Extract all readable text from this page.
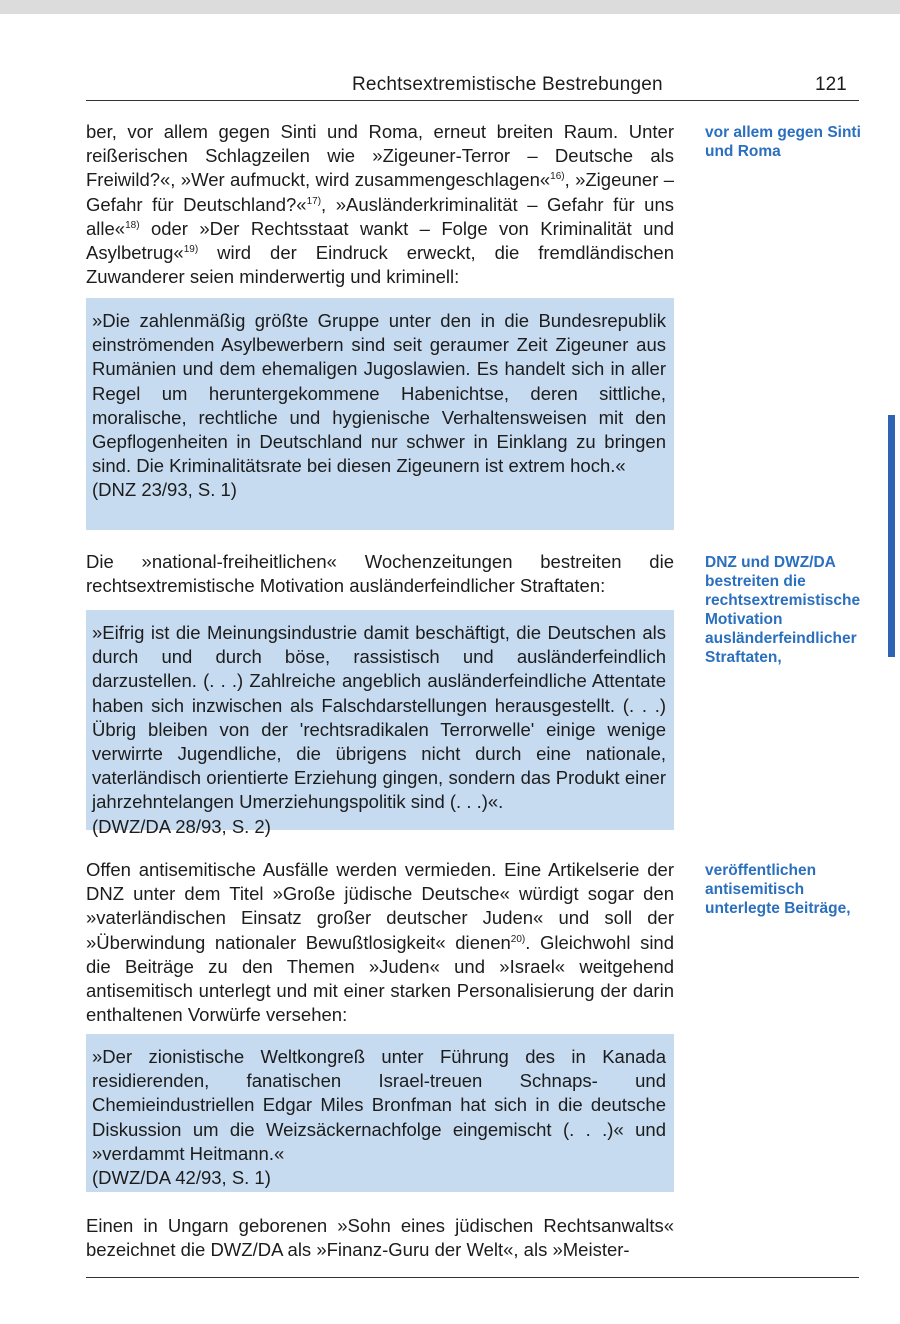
Rechtsextremistische Bestrebungen	121

ber, vor allem gegen Sinti und Roma, erneut breiten Raum. Unter reißerischen Schlagzeilen wie »Zigeuner-Terror – Deutsche als Freiwild?«, »Wer aufmuckt, wird zusammengeschlagen«$^{16)}$, »Zigeuner – Gefahr für Deutschland?«$^{17)}$, »Ausländerkriminalität – Gefahr für uns alle«$^{18)}$ oder »Der Rechtsstaat wankt – Folge von Kriminalität und Asylbetrug«$^{19)}$ wird der Eindruck erweckt, die fremdländischen Zuwanderer seien minderwertig und kriminell:

vor allem gegen Sinti und Roma

»Die zahlenmäßig größte Gruppe unter den in die Bundesrepublik einströmenden Asylbewerbern sind seit geraumer Zeit Zigeuner aus Rumänien und dem ehemaligen Jugoslawien. Es handelt sich in aller Regel um heruntergekommene Habenichtse, deren sittliche, moralische, rechtliche und hygienische Verhaltensweisen mit den Gepflogenheiten in Deutschland nur schwer in Einklang zu bringen sind. Die Kriminalitätsrate bei diesen Zigeunern ist extrem hoch.«

(DNZ 23/93, S. 1)

Die »national-freiheitlichen« Wochenzeitungen bestreiten die rechtsextremistische Motivation ausländerfeindlicher Straftaten:

DNZ und DWZ/DA bestreiten die rechtsextremistische Motivation ausländerfeindlicher Straftaten,

»Eifrig ist die Meinungsindustrie damit beschäftigt, die Deutschen als durch und durch böse, rassistisch und ausländerfeindlich darzustellen. (. . .) Zahlreiche angeblich ausländerfeindliche Attentate haben sich inzwischen als Falschdarstellungen herausgestellt. (. . .) Übrig bleiben von der 'rechtsradikalen Terrorwelle' einige wenige verwirrte Jugendliche, die übrigens nicht durch eine nationale, vaterländisch orientierte Erziehung gingen, sondern das Produkt einer jahrzehntelangen Umerziehungspolitik sind (. . .)«.

(DWZ/DA 28/93, S. 2)

Offen antisemitische Ausfälle werden vermieden. Eine Artikelserie der DNZ unter dem Titel »Große jüdische Deutsche« würdigt sogar den »vaterländischen Einsatz großer deutscher Juden« und soll der »Überwindung nationaler Bewußtlosigkeit« dienen$^{20)}$. Gleichwohl sind die Beiträge zu den Themen »Juden« und »Israel« weitgehend antisemitisch unterlegt und mit einer starken Personalisierung der darin enthaltenen Vorwürfe versehen:

veröffentlichen antisemitisch unterlegte Beiträge,

»Der zionistische Weltkongreß unter Führung des in Kanada residierenden, fanatischen Israel-treuen Schnaps- und Chemieindustriellen Edgar Miles Bronfman hat sich in die deutsche Diskussion um die Weizsäckernachfolge eingemischt (. . .)« und »verdammt Heitmann.«

(DWZ/DA 42/93, S. 1)

Einen in Ungarn geborenen »Sohn eines jüdischen Rechtsanwalts« bezeichnet die DWZ/DA als »Finanz-Guru der Welt«, als »Meister-
